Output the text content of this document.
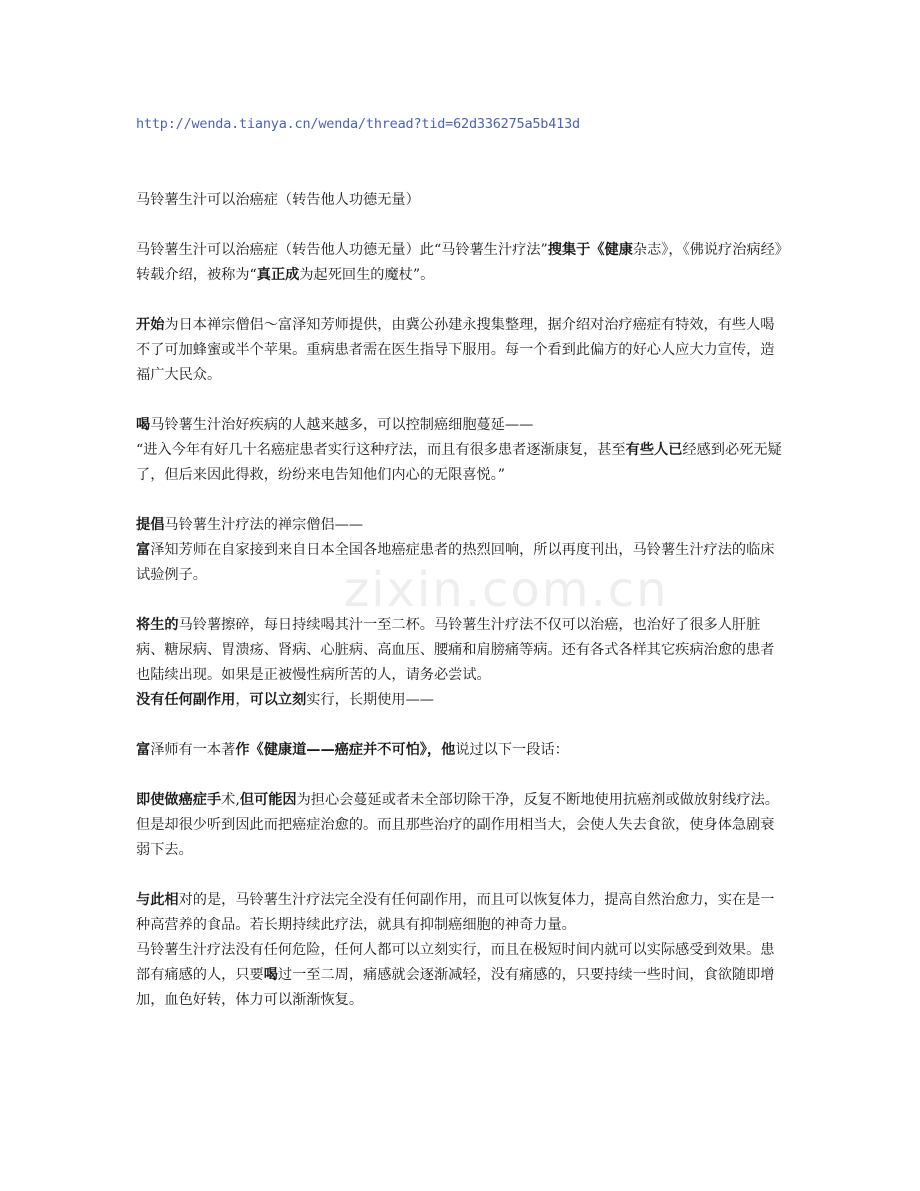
zixin.com.cn

http://wenda.tianya.cn/wenda/thread?tid=62d336275a5b413d

马铃薯生汁可以治癌症（转告他人功德无量）

马铃薯生汁可以治癌症（转告他人功德无量）此“马铃薯生汁疗法”搜集于《健康杂志》，《佛说疗治病经》转载介绍，被称为“真正成为起死回生的魔杖”。

开始为日本禅宗僧侣～富泽知芳师提供，由冀公孙建永搜集整理，据介绍对治疗癌症有特效，有些人喝不了可加蜂蜜或半个苹果。重病患者需在医生指导下服用。每一个看到此偏方的好心人应大力宣传，造福广大民众。

喝马铃薯生汁治好疾病的人越来越多，可以控制癌细胞蔓延——

“进入今年有好几十名癌症患者实行这种疗法，而且有很多患者逐渐康复，甚至有些人已经感到必死无疑了，但后来因此得救，纷纷来电告知他们内心的无限喜悦。”

提倡马铃薯生汁疗法的禅宗僧侣——

富泽知芳师在自家接到来自日本全国各地癌症患者的热烈回响，所以再度刊出，马铃薯生汁疗法的临床试验例子。

将生的马铃薯擦碎，每日持续喝其汁一至二杯。马铃薯生汁疗法不仅可以治癌，也治好了很多人肝脏病、糖尿病、胃溃疡、肾病、心脏病、高血压、腰痛和肩膀痛等病。还有各式各样其它疾病治愈的患者也陆续出现。如果是正被慢性病所苦的人，请务必尝试。

没有任何副作用，可以立刻实行，长期使用——

富泽师有一本著作《健康道——癌症并不可怕》，他说过以下一段话：

即使做癌症手术,但可能因为担心会蔓延或者未全部切除干净，反复不断地使用抗癌剂或做放射线疗法。但是却很少听到因此而把癌症治愈的。而且那些治疗的副作用相当大，会使人失去食欲，使身体急剧衰弱下去。

与此相对的是，马铃薯生汁疗法完全没有任何副作用，而且可以恢复体力，提高自然治愈力，实在是一种高营养的食品。若长期持续此疗法，就具有抑制癌细胞的神奇力量。

马铃薯生汁疗法没有任何危险，任何人都可以立刻实行，而且在极短时间内就可以实际感受到效果。患部有痛感的人，只要喝过一至二周，痛感就会逐渐减轻，没有痛感的，只要持续一些时间，食欲随即增加，血色好转，体力可以渐渐恢复。
